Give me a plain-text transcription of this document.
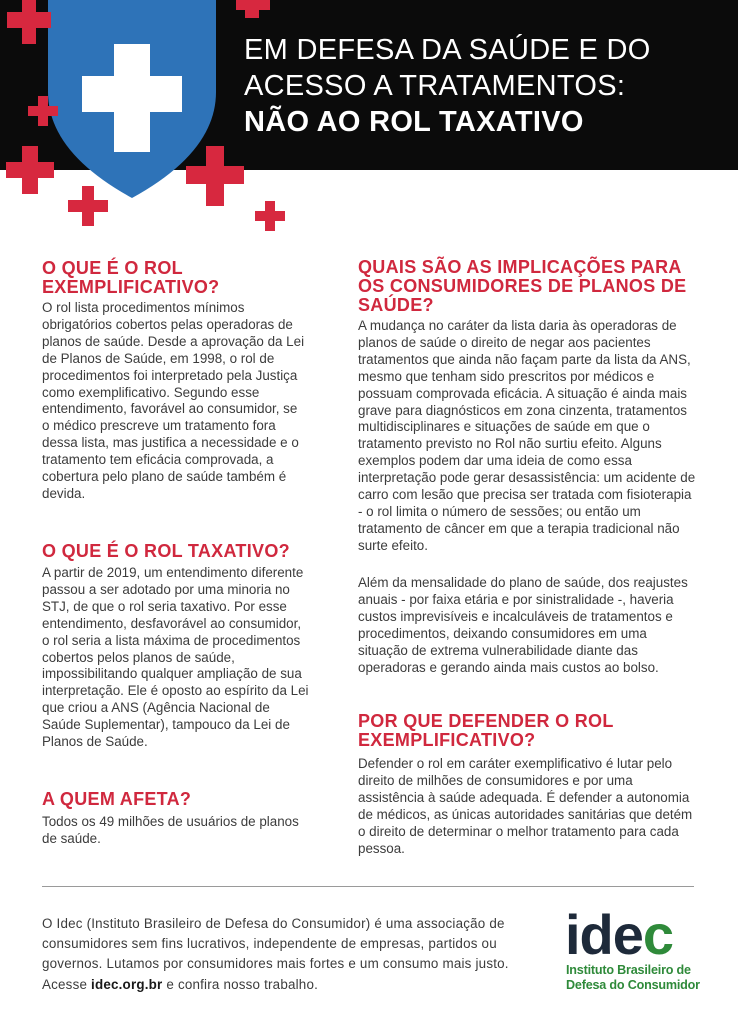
EM DEFESA DA SAÚDE E DO
ACESSO A TRATAMENTOS:
NÃO AO ROL TAXATIVO
O QUE É O ROL EXEMPLIFICATIVO?

O rol lista procedimentos mínimos obrigatórios cobertos pelas operadoras de planos de saúde. Desde a aprovação da Lei de Planos de Saúde, em 1998, o rol de procedimentos foi interpretado pela Justiça como exemplificativo. Segundo esse entendimento, favorável ao consumidor, se o médico prescreve um tratamento fora dessa lista, mas justifica a necessidade e o tratamento tem eficácia comprovada, a cobertura pelo plano de saúde também é devida.

O QUE É O ROL TAXATIVO?

A partir de 2019, um entendimento diferente passou a ser adotado por uma minoria no STJ, de que o rol seria taxativo. Por esse entendimento, desfavorável ao consumidor, o rol seria a lista máxima de procedimentos cobertos pelos planos de saúde, impossibilitando qualquer ampliação de sua interpretação. Ele é oposto ao espírito da Lei que criou a ANS (Agência Nacional de Saúde Suplementar), tampouco da Lei de Planos de Saúde.

A QUEM AFETA?

Todos os 49 milhões de usuários de planos de saúde.

QUAIS SÃO AS IMPLICAÇÕES PARA OS CONSUMIDORES DE PLANOS DE SAÚDE?

A mudança no caráter da lista daria às operadoras de planos de saúde o direito de negar aos pacientes tratamentos que ainda não façam parte da lista da ANS, mesmo que tenham sido prescritos por médicos e possuam comprovada eficácia. A situação é ainda mais grave para diagnósticos em zona cinzenta, tratamentos multidisciplinares e situações de saúde em que o tratamento previsto no Rol não surtiu efeito. Alguns exemplos podem dar uma ideia de como essa interpretação pode gerar desassistência: um acidente de carro com lesão que precisa ser tratada com fisioterapia - o rol limita o número de sessões; ou então um tratamento de câncer em que a terapia tradicional não surte efeito.

Além da mensalidade do plano de saúde, dos reajustes anuais - por faixa etária e por sinistralidade -, haveria custos imprevisíveis e incalculáveis de tratamentos e procedimentos, deixando consumidores em uma situação de extrema vulnerabilidade diante das operadoras e gerando ainda mais custos ao bolso.

POR QUE DEFENDER O ROL EXEMPLIFICATIVO?

Defender o rol em caráter exemplificativo é lutar pelo direito de milhões de consumidores e por uma assistência à saúde adequada. É defender a autonomia de médicos, as únicas autoridades sanitárias que detém o direito de determinar o melhor tratamento para cada pessoa.

O Idec (Instituto Brasileiro de Defesa do Consumidor) é uma associação de consumidores sem fins lucrativos, independente de empresas, partidos ou governos. Lutamos por consumidores mais fortes e um consumo mais justo. Acesse idec.org.br e confira nosso trabalho.

idec
Instituto Brasileiro de
Defesa do Consumidor
